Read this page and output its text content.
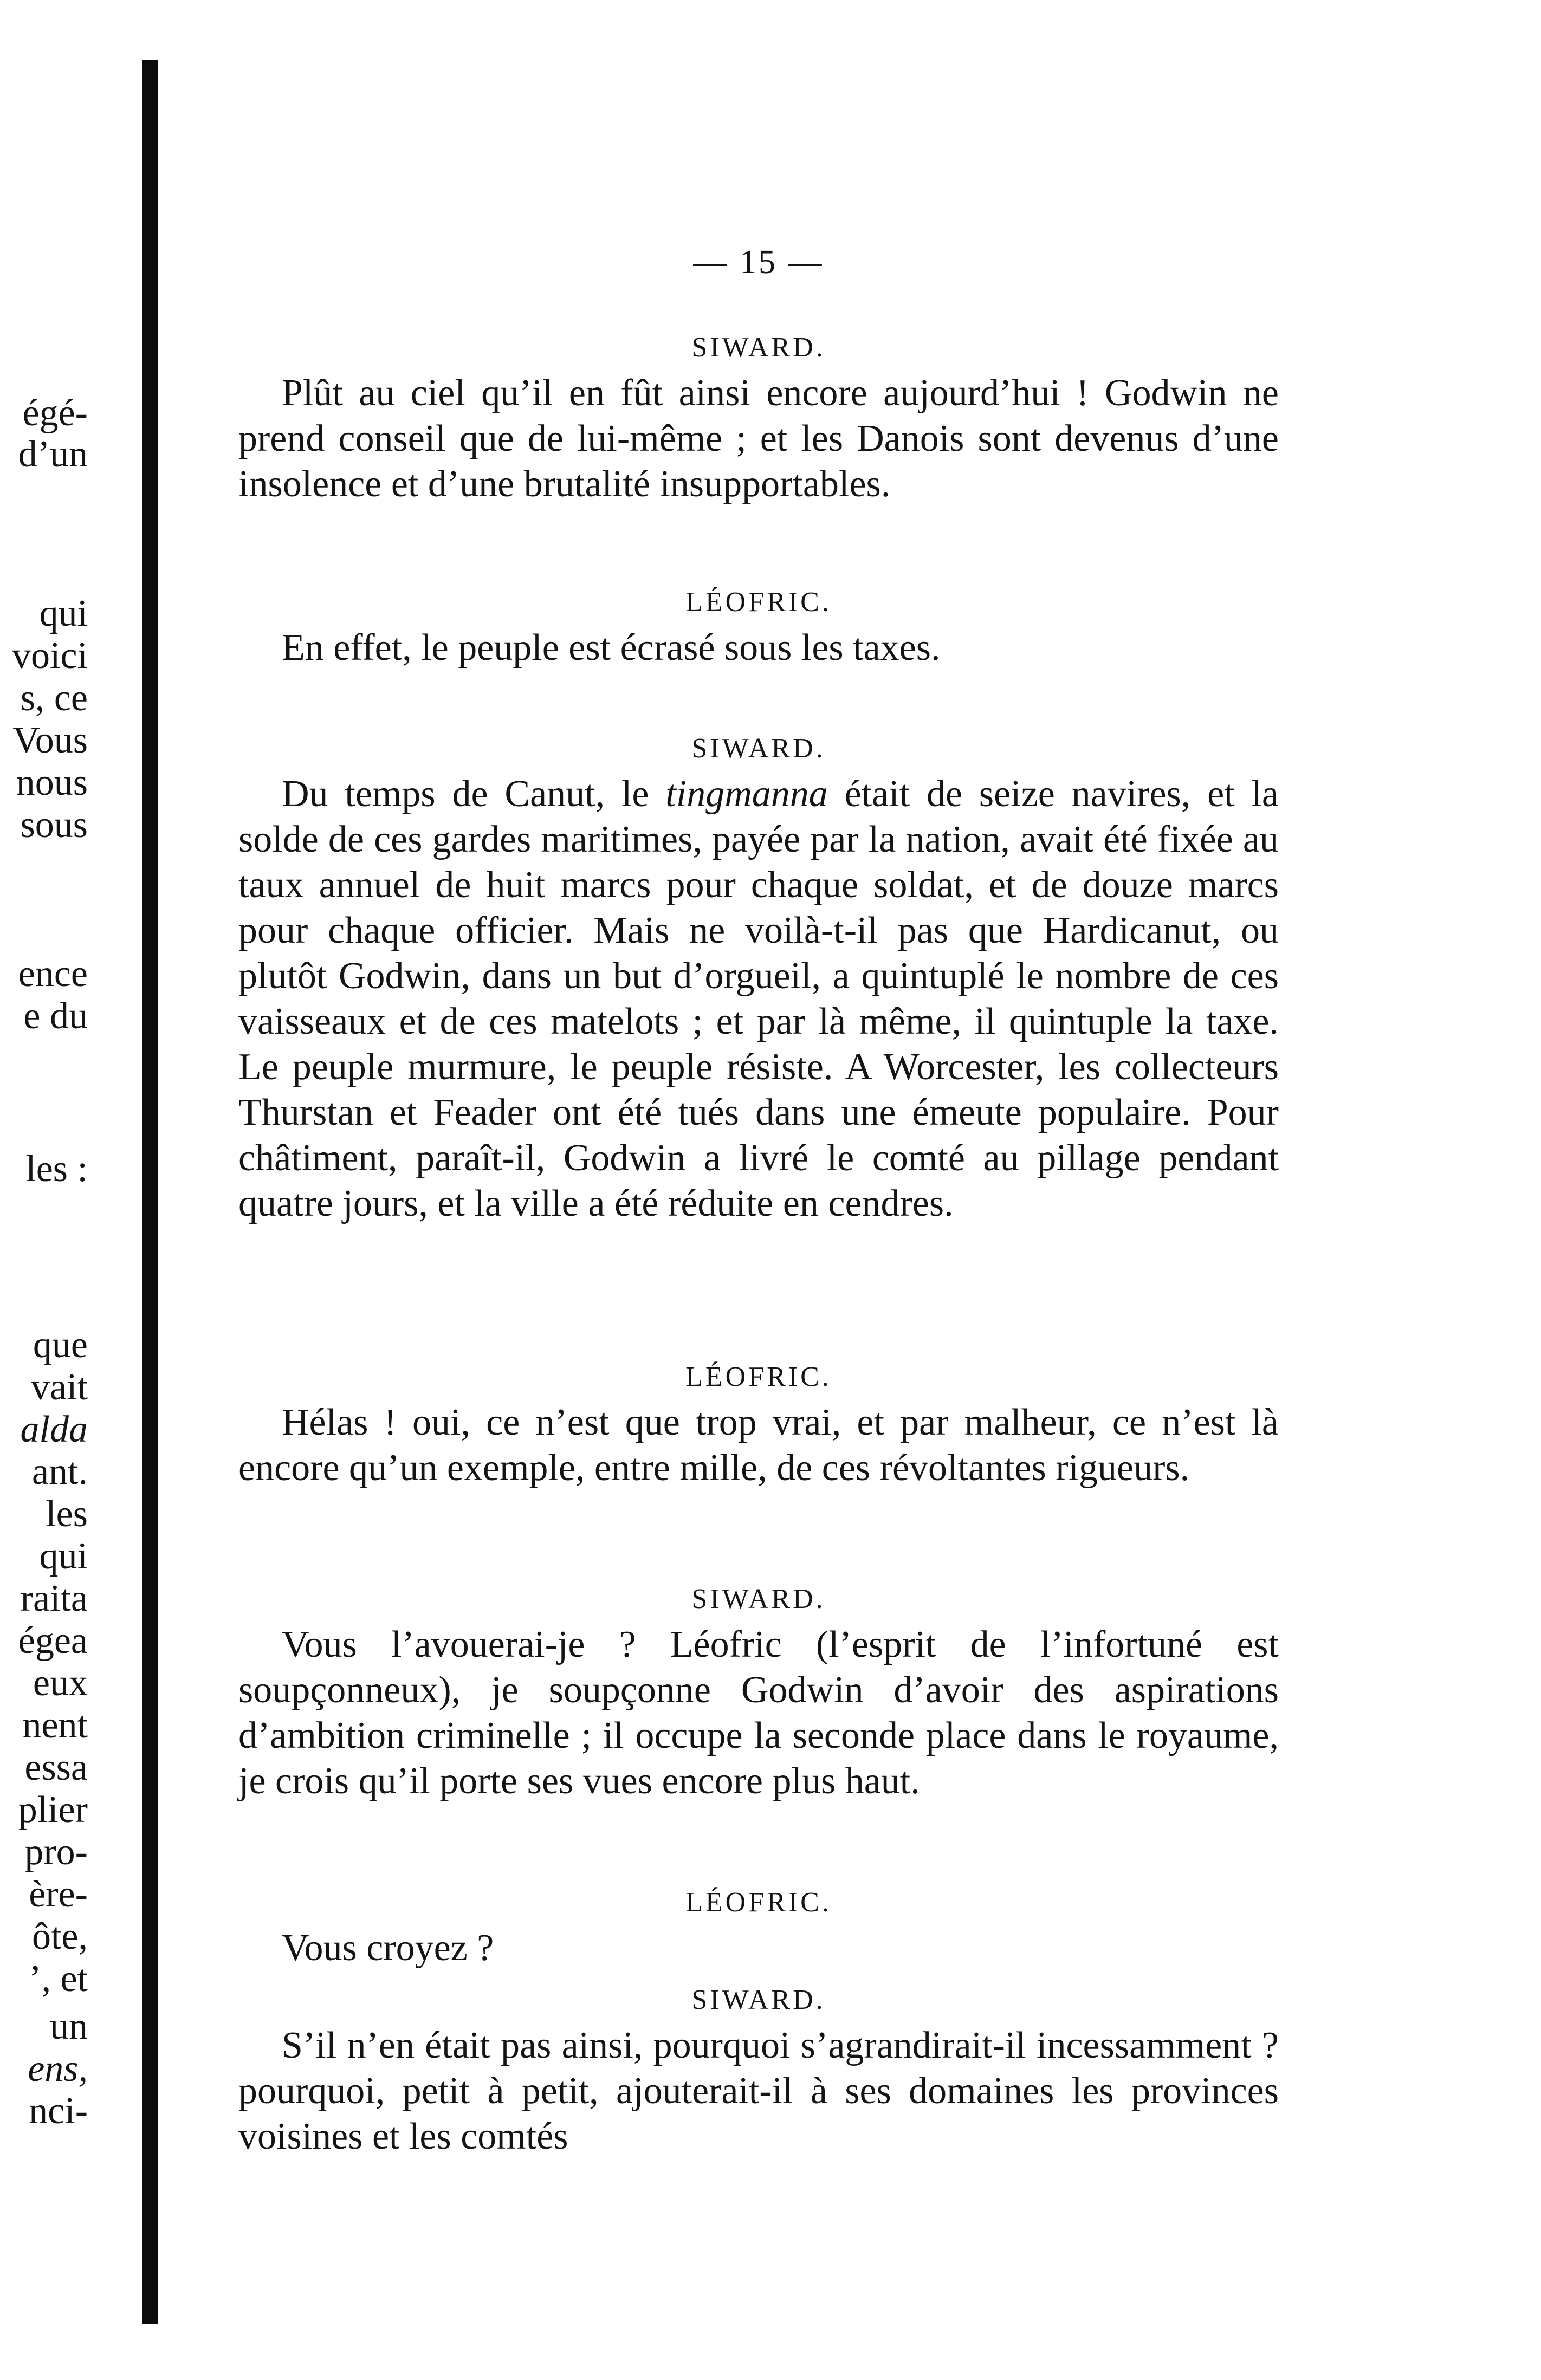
égé-
d’un
qui
voici
s, ce
Vous
nous
sous
ence
e du
les :
que
vait
alda
ant.
les
qui
raita
égea
eux
nent
essa
plier
pro-
ère-
ôte,
’, et
un
ens,
nci-
— 15 —

SIWARD.

Plût au ciel qu’il en fût ainsi encore aujourd’hui ! Godwin ne prend conseil que de lui-même ; et les Danois sont devenus d’une insolence et d’une brutalité insupportables.

LÉOFRIC.

En effet, le peuple est écrasé sous les taxes.

SIWARD.

Du temps de Canut, le tingmanna était de seize navires, et la solde de ces gardes maritimes, payée par la nation, avait été fixée au taux annuel de huit marcs pour chaque soldat, et de douze marcs pour chaque officier. Mais ne voilà-t-il pas que Hardicanut, ou plutôt Godwin, dans un but d’orgueil, a quintuplé le nombre de ces vaisseaux et de ces matelots ; et par là même, il quintuple la taxe. Le peuple murmure, le peuple résiste. A Worcester, les collecteurs Thurstan et Feader ont été tués dans une émeute populaire. Pour châtiment, paraît-il, Godwin a livré le comté au pillage pendant quatre jours, et la ville a été réduite en cendres.

LÉOFRIC.

Hélas ! oui, ce n’est que trop vrai, et par malheur, ce n’est là encore qu’un exemple, entre mille, de ces révoltantes rigueurs.

SIWARD.

Vous l’avouerai-je ? Léofric (l’esprit de l’infortuné est soupçonneux), je soupçonne Godwin d’avoir des aspirations d’ambition criminelle ; il occupe la seconde place dans le royaume, je crois qu’il porte ses vues encore plus haut.

LÉOFRIC.

Vous croyez ?

SIWARD.

S’il n’en était pas ainsi, pourquoi s’agrandirait-il incessamment ? pourquoi, petit à petit, ajouterait-il à ses domaines les provinces voisines et les comtés
